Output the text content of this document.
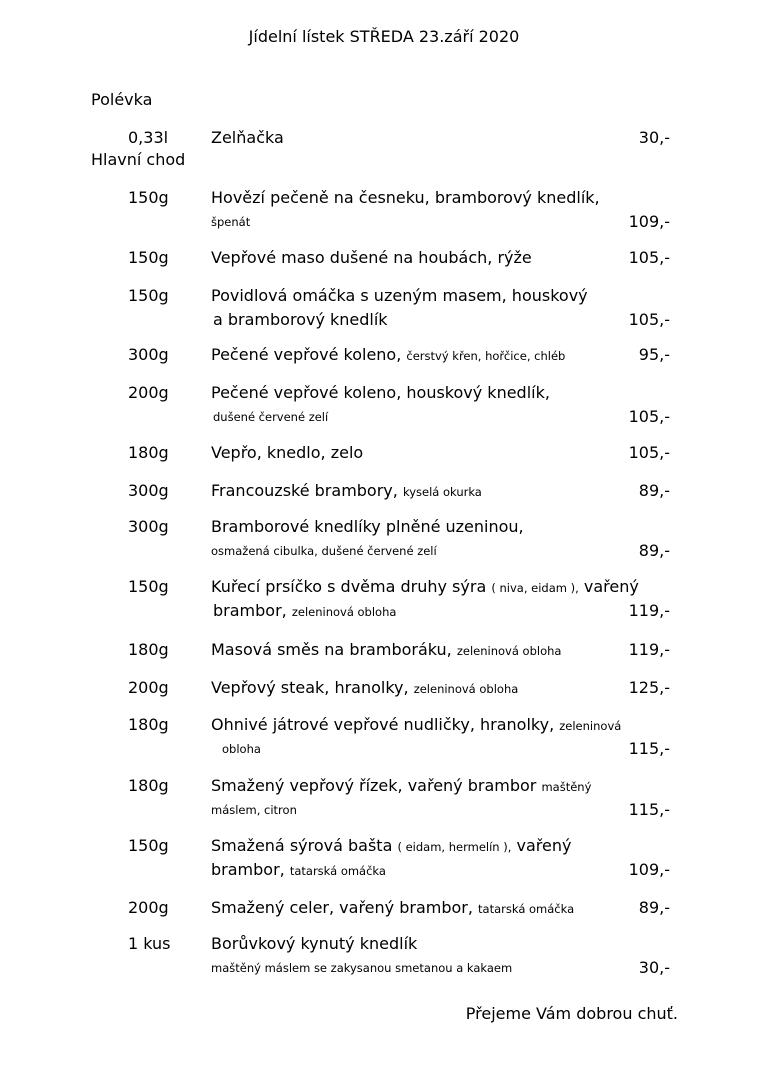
Jídelní lístek STŘEDA 23.září 2020
Polévka
0,33l	Zelňačka	30,-
Hlavní chod
150g	Hovězí pečeně na česneku, bramborový knedlík,
špenát	109,-
150g	Vepřové maso dušené na houbách, rýže	105,-
150g	Povidlová omáčka s uzeným masem, houskový
a bramborový knedlík	105,-
300g	Pečené vepřové koleno, čerstvý křen, hořčice, chléb	95,-
200g	Pečené vepřové koleno, houskový knedlík,
dušené červené zelí	105,-
180g	Vepřo, knedlo, zelo	105,-
300g	Francouzské brambory, kyselá okurka	89,-
300g	Bramborové knedlíky plněné uzeninou,
osmažená cibulka, dušené červené zelí	89,-
150g	Kuřecí prsíčko s dvěma druhy sýra ( niva, eidam ), vařený
brambor, zeleninová obloha	119,-
180g	Masová směs na bramboráku, zeleninová obloha	119,-
200g	Vepřový steak, hranolky, zeleninová obloha	125,-
180g	Ohnivé játrové vepřové nudličky, hranolky, zeleninová
obloha	115,-
180g	Smažený vepřový řízek, vařený brambor maštěný
máslem, citron	115,-
150g	Smažená sýrová bašta ( eidam, hermelín ), vařený
brambor, tatarská omáčka	109,-
200g	Smažený celer, vařený brambor, tatarská omáčka	89,-
1 kus	Borůvkový kynutý knedlík
maštěný máslem se zakysanou smetanou a kakaem	30,-
Přejeme Vám dobrou chuť.
